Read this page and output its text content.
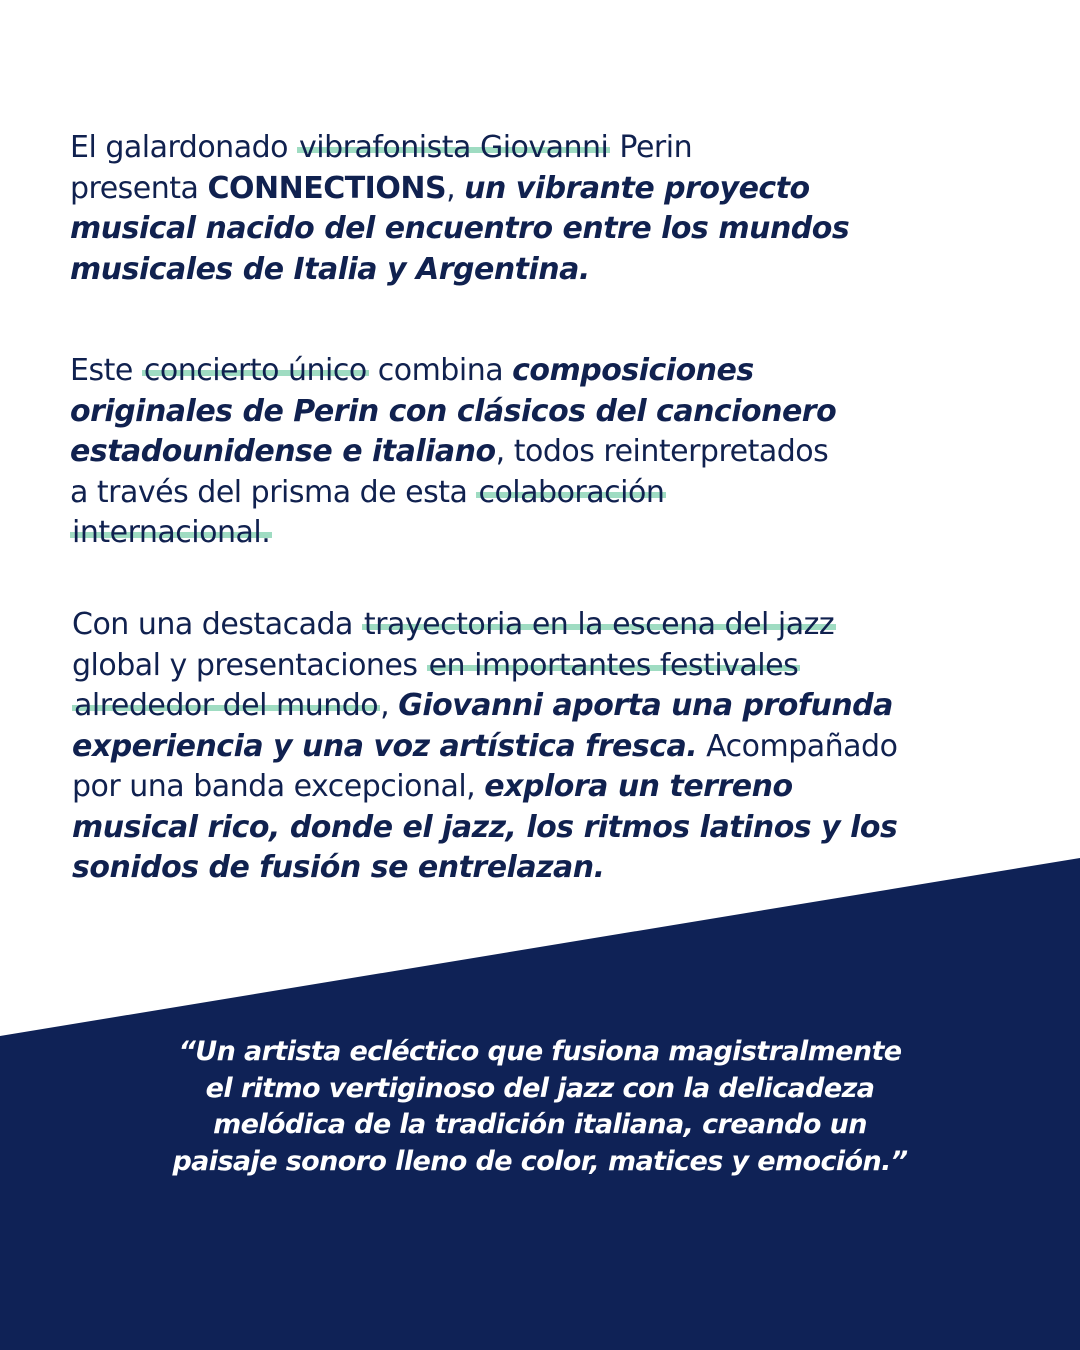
El galardonado vibrafonista Giovanni Perin
presenta CONNECTIONS, un vibrante proyecto
musical nacido del encuentro entre los mundos
musicales de Italia y Argentina.

Este concierto único combina composiciones
originales de Perin con clásicos del cancionero
estadounidense e italiano, todos reinterpretados
a través del prisma de esta colaboración
internacional.

Con una destacada trayectoria en la escena del jazz
global y presentaciones en importantes festivales
alrededor del mundo, Giovanni aporta una profunda
experiencia y una voz artística fresca. Acompañado
por una banda excepcional, explora un terreno
musical rico, donde el jazz, los ritmos latinos y los
sonidos de fusión se entrelazan.

“Un artista ecléctico que fusiona magistralmente
el ritmo vertiginoso del jazz con la delicadeza
melódica de la tradición italiana, creando un
paisaje sonoro lleno de color, matices y emoción.”
